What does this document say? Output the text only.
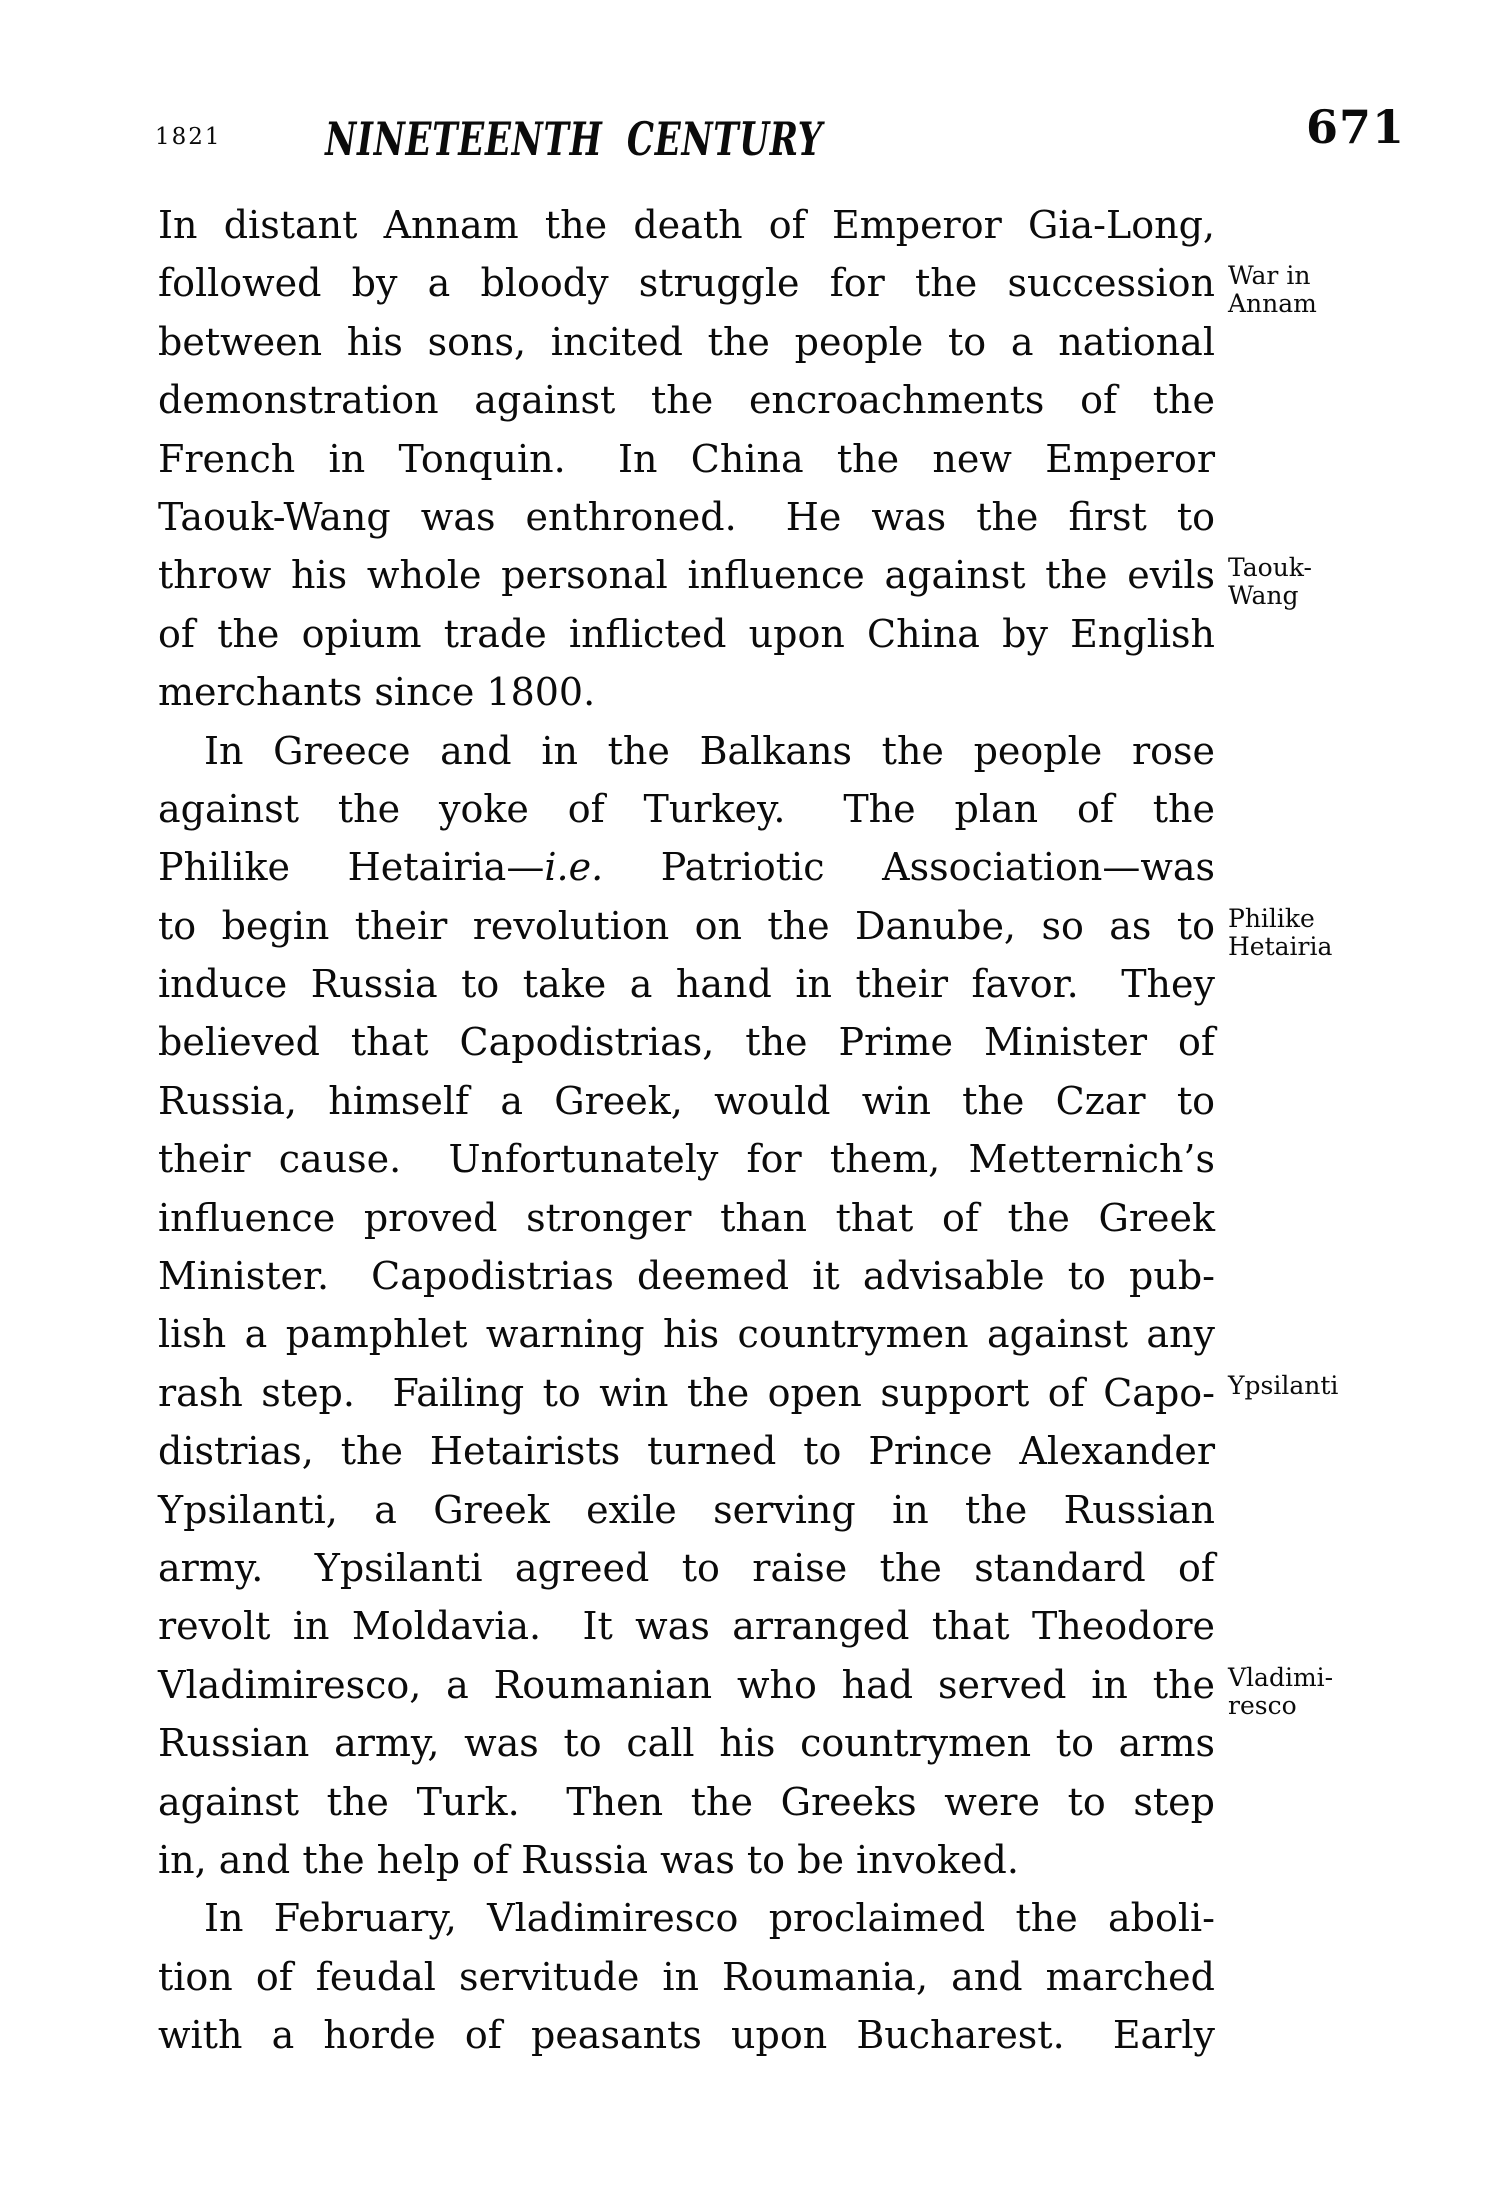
1821 NINETEENTH CENTURY	671
In distant Annam the death of Emperor Gia-Long,
followed by a bloody struggle for the succession
between his sons, incited the people to a national
demonstration against the encroachments of the
French in Tonquin.  In China the new Emperor
Taouk-Wang was enthroned.  He was the first to
throw his whole personal influence against the evils
of the opium trade inflicted upon China by English
merchants since 1800.
In Greece and in the Balkans the people rose
against the yoke of Turkey.  The plan of the
Philike Hetairia—i.e. Patriotic Association—was
to begin their revolution on the Danube, so as to
induce Russia to take a hand in their favor.  They
believed that Capodistrias, the Prime Minister of
Russia, himself a Greek, would win the Czar to
their cause.  Unfortunately for them, Metternich’s
influence proved stronger than that of the Greek
Minister.  Capodistrias deemed it advisable to pub-
lish a pamphlet warning his countrymen against any
rash step.  Failing to win the open support of Capo-
distrias, the Hetairists turned to Prince Alexander
Ypsilanti, a Greek exile serving in the Russian
army.  Ypsilanti agreed to raise the standard of
revolt in Moldavia.  It was arranged that Theodore
Vladimiresco, a Roumanian who had served in the
Russian army, was to call his countrymen to arms
against the Turk.  Then the Greeks were to step
in, and the help of Russia was to be invoked.
In February, Vladimiresco proclaimed the aboli-
tion of feudal servitude in Roumania, and marched
with a horde of peasants upon Bucharest.  Early
War in
Annam
Taouk-
Wang
Philike
Hetairia
Ypsilanti
Vladimi-
resco
